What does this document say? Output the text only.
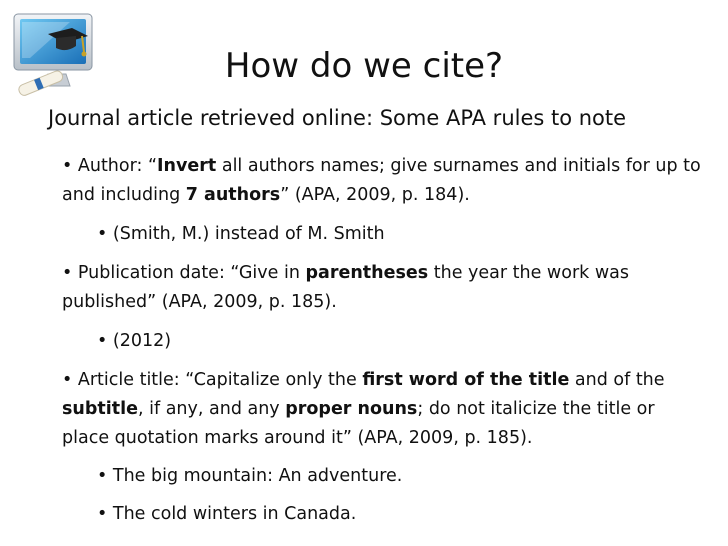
How do we cite?
Journal article retrieved online: Some APA rules to note

• Author: “Invert all authors names; give surnames and initials for up to and including 7 authors” (APA, 2009, p. 184).

• (Smith, M.) instead of M. Smith

• Publication date: “Give in parentheses the year the work was published” (APA, 2009, p. 185).

• (2012)

• Article title: “Capitalize only the first word of the title and of the subtitle, if any, and any proper nouns; do not italicize the title or place quotation marks around it” (APA, 2009, p. 185).

• The big mountain: An adventure.

• The cold winters in Canada.
